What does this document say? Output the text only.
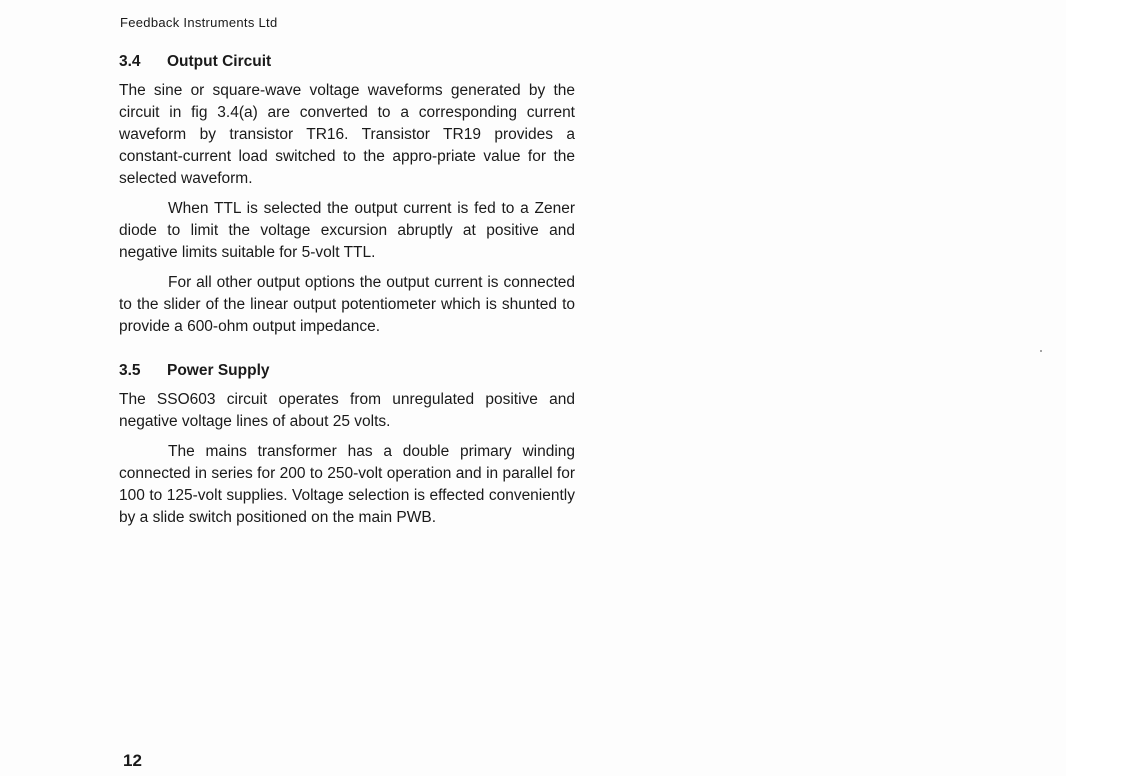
Feedback Instruments Ltd
3.4 Output Circuit

The sine or square-wave voltage waveforms generated by the circuit in fig 3.4(a) are converted to a corresponding current waveform by transistor TR16. Transistor TR19 provides a constant-current load switched to the appro-priate value for the selected waveform.

When TTL is selected the output current is fed to a Zener diode to limit the voltage excursion abruptly at positive and negative limits suitable for 5-volt TTL.

For all other output options the output current is connected to the slider of the linear output potentiometer which is shunted to provide a 600-ohm output impedance.

3.5 Power Supply

The SSO603 circuit operates from unregulated positive and negative voltage lines of about 25 volts.

The mains transformer has a double primary winding connected in series for 200 to 250-volt operation and in parallel for 100 to 125-volt supplies. Voltage selection is effected conveniently by a slide switch positioned on the main PWB.

12
